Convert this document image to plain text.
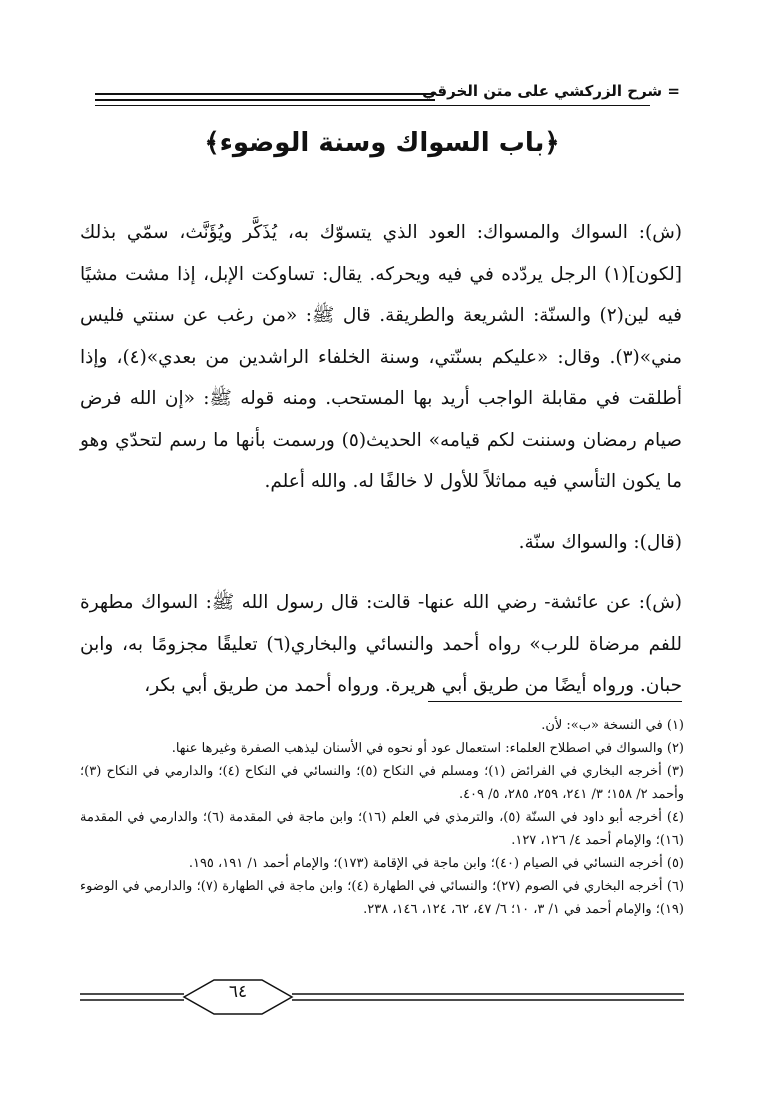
= شرح الزركشي على متن الخرقي
﴿باب السواك وسنة الوضوء﴾

(ش): السواك والمسواك: العود الذي يتسوّك به، يُذَكَّر ويُؤَنَّث، سمّي بذلك [لكون](١) الرجل يردّده في فيه ويحركه. يقال: تساوكت الإبل، إذا مشت مشيًا فيه لين(٢) والسنّة: الشريعة والطريقة. قال ﷺ: «من رغب عن سنتي فليس مني»(٣). وقال: «عليكم بسنّتي، وسنة الخلفاء الراشدين من بعدي»(٤)، وإذا أطلقت في مقابلة الواجب أريد بها المستحب. ومنه قوله ﷺ: «إن الله فرض صيام رمضان وسننت لكم قيامه» الحديث(٥) ورسمت بأنها ما رسم لتحدّي وهو ما يكون التأسي فيه مماثلاً للأول لا خالفًا له. والله أعلم.

(قال): والسواك سنّة.

(ش): عن عائشة- رضي الله عنها- قالت: قال رسول الله ﷺ: السواك مطهرة للفم مرضاة للرب» رواه أحمد والنسائي والبخاري(٦) تعليقًا مجزومًا به، وابن حبان. ورواه أيضًا من طريق أبي هريرة. ورواه أحمد من طريق أبي بكر،

(١) في النسخة «ب»: لأن.

(٢) والسواك في اصطلاح العلماء: استعمال عود أو نحوه في الأسنان ليذهب الصفرة وغيرها عنها.

(٣) أخرجه البخاري في الفرائض (١)؛ ومسلم في النكاح (٥)؛ والنسائي في النكاح (٤)؛ والدارمي في النكاح (٣)؛ وأحمد ٢/ ١٥٨؛ ٣/ ٢٤١، ٢٥٩، ٢٨٥، ٥/ ٤٠٩.

(٤) أخرجه أبو داود في السنّة (٥)، والترمذي في العلم (١٦)؛ وابن ماجة في المقدمة (٦)؛ والدارمي في المقدمة (١٦)؛ والإمام أحمد ٤/ ١٢٦، ١٢٧.

(٥) أخرجه النسائي في الصيام (٤٠)؛ وابن ماجة في الإقامة (١٧٣)؛ والإمام أحمد ١/ ١٩١، ١٩٥.

(٦) أخرجه البخاري في الصوم (٢٧)؛ والنسائي في الطهارة (٤)؛ وابن ماجة في الطهارة (٧)؛ والدارمي في الوضوء (١٩)؛ والإمام أحمد في ١/ ٣، ١٠؛ ٦/ ٤٧، ٦٢، ١٢٤، ١٤٦، ٢٣٨.

٦٤
